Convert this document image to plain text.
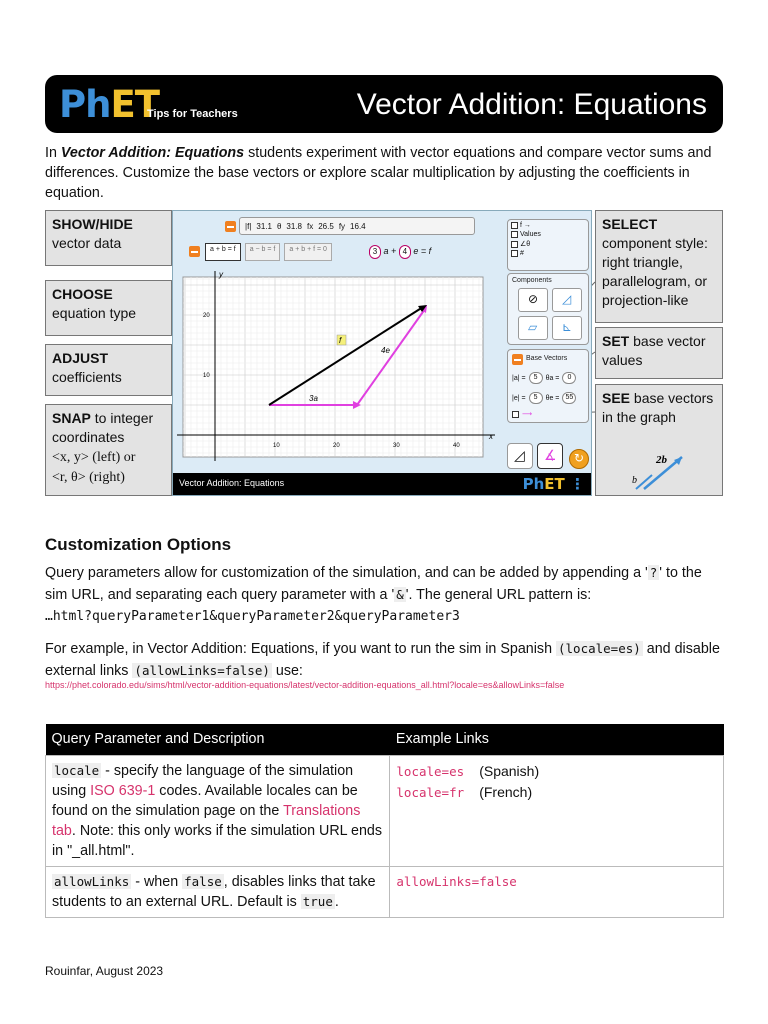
PhET
Tips for Teachers	Vector Addition: Equations

In Vector Addition: Equations students experiment with vector equations and compare vector sums and differences. Customize the base vectors or explore scalar multiplication by adjusting the coefficients in equation.

SHOW/HIDE
vector data
CHOOSE
equation type
ADJUST
coefficients
SNAP to integer coordinates
<x, y> (left) or
<r, θ> (right)
SELECT
component style: right triangle, parallelogram, or projection-like
SET base vector values
SEE base vectors in the graph
2b
b
|f| 31.1 θ 31.8 fx 26.5 fy 16.4
a + b = f	a − b = f	a + b + f = 0	3 a + 4 e = f
x
y
10	20	30	40
10
20
f
4e
3a
f →
Values
∠θ
#
Components
⊘ ◿
▱ ⊾
Base Vectors
|a| =	5	θa =	0
|e| =	5	θe = 55
⟶
◿ ∡ ↻
Vector Addition: Equations	PhET ⋮
Customization Options

Query parameters allow for customization of the simulation, and can be added by appending a ' ? ' to the sim URL, and separating each query parameter with a ' & '. The general URL pattern is:
…html?queryParameter1&queryParameter2&queryParameter3

For example, in Vector Addition: Equations, if you want to run the sim in Spanish (locale=es) and disable external links (allowLinks=false) use:

https://phet.colorado.edu/sims/html/vector-addition-equations/latest/vector-addition-equations_all.html?locale=es&allowLinks=false
Query Parameter and Description	Example Links
locale - specify the language of the simulation using ISO 639-1 codes. Available locales can be found on the simulation page on the Translations tab. Note: this only works if the simulation URL ends in "_all.html".	locale=es (Spanish)
locale=fr (French)
allowLinks - when false , disables links that take students to an external URL. Default is true .	allowLinks=false
Rouinfar, August 2023
